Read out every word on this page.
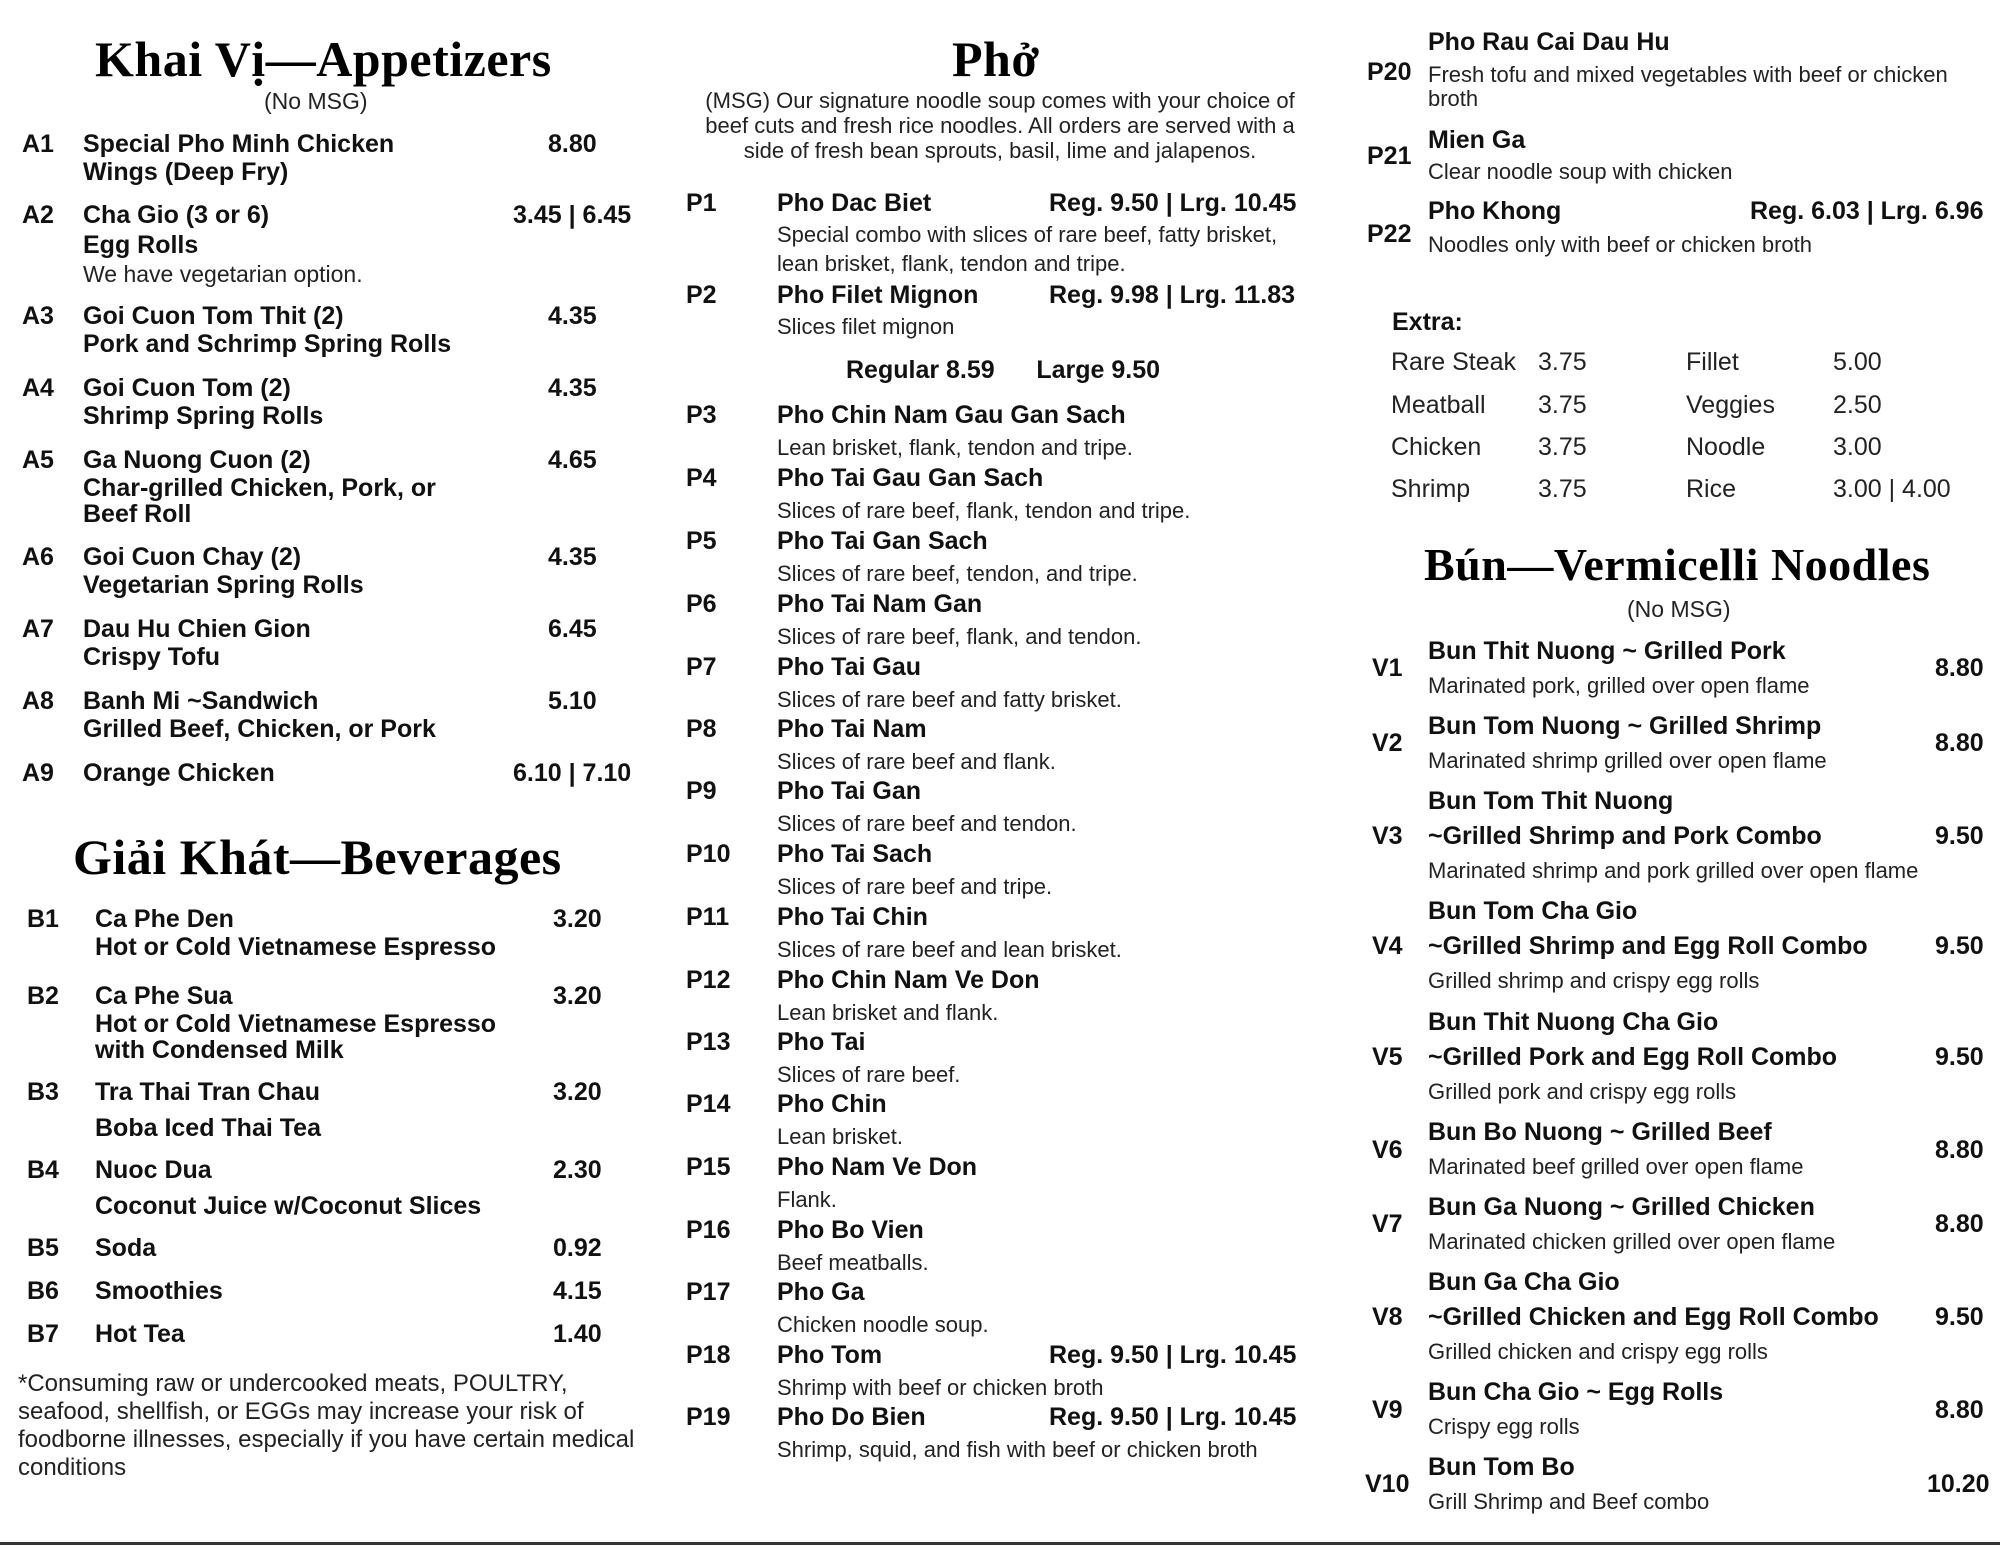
Khai Vị—Appetizers
(No MSG)
A1 Special Pho Minh Chicken
Wings (Deep Fry)
8.80
A2 Cha Gio (3 or 6)
Egg Rolls
We have vegetarian option.
3.45 | 6.45
A3 Goi Cuon Tom Thit (2)
Pork and Schrimp Spring Rolls
4.35
A4 Goi Cuon Tom (2)
Shrimp Spring Rolls
4.35
A5 Ga Nuong Cuon (2)
Char-grilled Chicken, Pork, or
Beef Roll
4.65
A6 Goi Cuon Chay (2)
Vegetarian Spring Rolls
4.35
A7 Dau Hu Chien Gion
Crispy Tofu
6.45
A8 Banh Mi ~Sandwich
Grilled Beef, Chicken, or Pork
5.10
A9 Orange Chicken	6.10 | 7.10
Giải Khát—Beverages
B1 Ca Phe Den
Hot or Cold Vietnamese Espresso
3.20
B2 Ca Phe Sua
Hot or Cold Vietnamese Espresso
with Condensed Milk
3.20
B3 Tra Thai Tran Chau
Boba Iced Thai Tea
3.20
B4 Nuoc Dua
Coconut Juice w/Coconut Slices
2.30
B5 Soda	0.92
B6 Smoothies	4.15
B7 Hot Tea	1.40
*Consuming raw or undercooked meats, POULTRY, seafood, shellfish, or EGGs may increase your risk of foodborne illnesses, especially if you have certain medical conditions
Phở
(MSG) Our signature noodle soup comes with your choice of beef cuts and fresh rice noodles. All orders are served with a side of fresh bean sprouts, basil, lime and jalapenos.
P1 Pho Dac Biet	Reg. 9.50 | Lrg. 10.45
Special combo with slices of rare beef, fatty brisket,
lean brisket, flank, tendon and tripe.
P2 Pho Filet Mignon	Reg. 9.98 | Lrg. 11.83
Slices filet mignon
Regular 8.59      Large 9.50
P3 Pho Chin Nam Gau Gan Sach
Lean brisket, flank, tendon and tripe.
P4 Pho Tai Gau Gan Sach
Slices of rare beef, flank, tendon and tripe.
P5 Pho Tai Gan Sach
Slices of rare beef, tendon, and tripe.
P6 Pho Tai Nam Gan
Slices of rare beef, flank, and tendon.
P7 Pho Tai Gau
Slices of rare beef and fatty brisket.
P8 Pho Tai Nam
Slices of rare beef and flank.
P9 Pho Tai Gan
Slices of rare beef and tendon.
P10 Pho Tai Sach
Slices of rare beef and tripe.
P11 Pho Tai Chin
Slices of rare beef and lean brisket.
P12 Pho Chin Nam Ve Don
Lean brisket and flank.
P13 Pho Tai
Slices of rare beef.
P14 Pho Chin
Lean brisket.
P15 Pho Nam Ve Don
Flank.
P16 Pho Bo Vien
Beef meatballs.
P17 Pho Ga
Chicken noodle soup.
P18 Pho Tom	Reg. 9.50 | Lrg. 10.45
Shrimp with beef or chicken broth
P19 Pho Do Bien	Reg. 9.50 | Lrg. 10.45
Shrimp, squid, and fish with beef or chicken broth
Pho Rau Cai Dau Hu
P20 Fresh tofu and mixed vegetables with beef or chicken
broth
Mien Ga
P21
Clear noodle soup with chicken
Pho Khong	Reg. 6.03 | Lrg. 6.96
P22 Noodles only with beef or chicken broth
Extra:
Rare Steak 3.75	Fillet	5.00
Meatball 3.75	Veggies 2.50
Chicken 3.75	Noodle	3.00
Shrimp	3.75	Rice	3.00 | 4.00
Bún—Vermicelli Noodles
(No MSG)
Bun Thit Nuong ~ Grilled Pork
V1	8.80
Marinated pork, grilled over open flame
Bun Tom Nuong ~ Grilled Shrimp
V2	8.80
Marinated shrimp grilled over open flame
Bun Tom Thit Nuong
~Grilled Shrimp and Pork Combo
V3	9.50
Marinated shrimp and pork grilled over open flame
Bun Tom Cha Gio
~Grilled Shrimp and Egg Roll Combo
V4	9.50
Grilled shrimp and crispy egg rolls
Bun Thit Nuong Cha Gio
~Grilled Pork and Egg Roll Combo
V5	9.50
Grilled pork and crispy egg rolls
Bun Bo Nuong ~ Grilled Beef
V6	8.80
Marinated beef grilled over open flame
Bun Ga Nuong ~ Grilled Chicken
V7	8.80
Marinated chicken grilled over open flame
Bun Ga Cha Gio
~Grilled Chicken and Egg Roll Combo
V8	9.50
Grilled chicken and crispy egg rolls
Bun Cha Gio ~ Egg Rolls
V9	8.80
Crispy egg rolls
Bun Tom Bo
V10	10.20
Grill Shrimp and Beef combo
